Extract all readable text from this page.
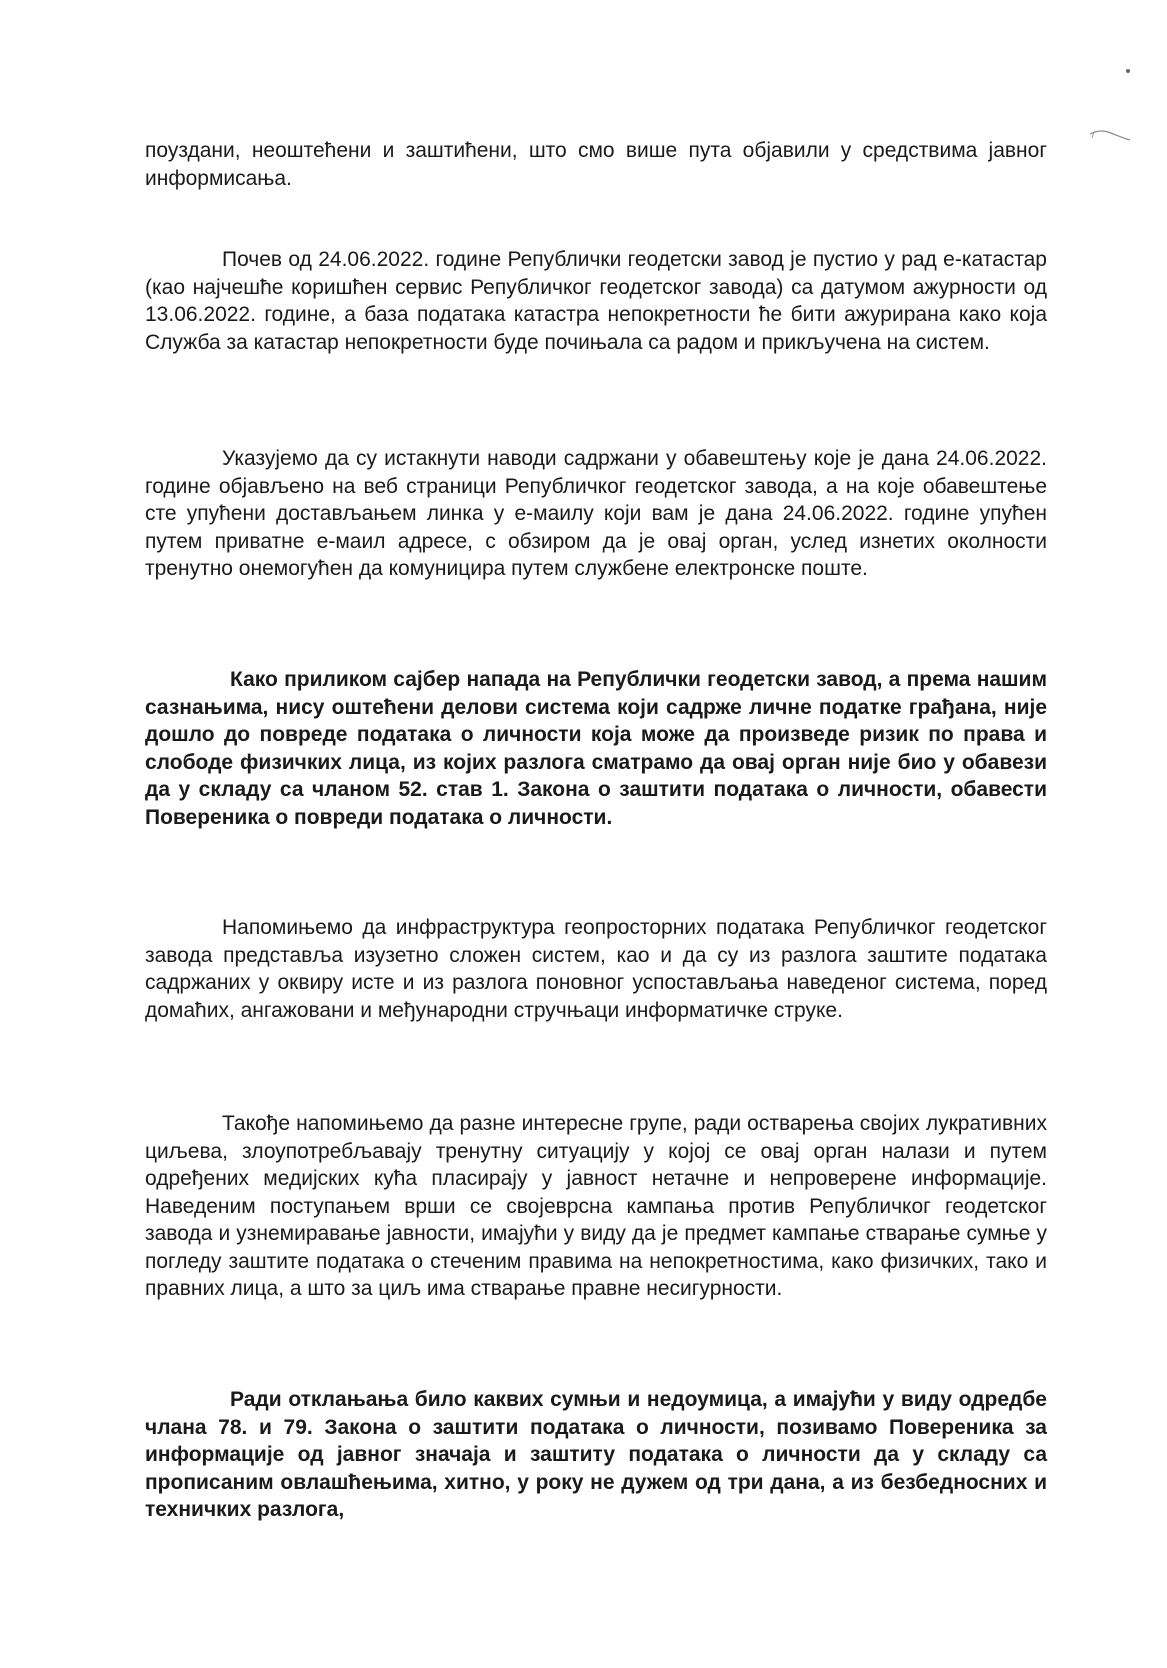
поуздани, неоштећени и заштићени, што смо више пута објавили у средствима јавног информисања.

Почев од 24.06.2022. године Републички геодетски завод је пустио у рад е-катастар (као најчешће коришћен сервис Републичког геодетског завода) са датумом ажурности од 13.06.2022. године, а база података катастра непокретности ће бити ажурирана како која Служба за катастар непокретности буде почињала са радом и прикључена на систем.

Указујемо да су истакнути наводи садржани у обавештењу које је дана 24.06.2022. године објављено на веб страници Републичког геодетског завода, а на које обавештење сте упућени достављањем линка у е-маилу који вам је дана 24.06.2022. године упућен путем приватне е-маил адресе, с обзиром да је овај орган, услед изнетих околности тренутно онемогућен да комуницира путем службене електронске поште.

Како приликом сајбер напада на Републички геодетски завод, а према нашим сазнањима, нису оштећени делови система који садрже личне податке грађана, није дошло до повреде података о личности која може да произведе ризик по права и слободе физичких лица, из којих разлога сматрамо да овај орган није био у обавези да у складу са чланом 52. став 1. Закона о заштити података о личности, обавести Повереника о повреди података о личности.

Напомињемо да инфраструктура геопросторних података Републичког геодетског завода представља изузетно сложен систем, као и да су из разлога заштите података садржаних у оквиру исте и из разлога поновног успостављања наведеног система, поред домаћих, ангажовани и међународни стручњаци информатичке струке.

Такође напомињемо да разне интересне групе, ради остварења својих лукративних циљева, злоупотребљавају тренутну ситуацију у којој се овај орган налази и путем одређених медијских кућа пласирају у јавност нетачне и непроверене информације. Наведеним поступањем врши се својеврсна кампања против Републичког геодетског завода и узнемиравање јавности, имајући у виду да је предмет кампање стварање сумње у погледу заштите података о стеченим правима на непокретностима, како физичких, тако и правних лица, а што за циљ има стварање правне несигурности.

Ради отклањања било каквих сумњи и недоумица, а имајући у виду одредбе члана 78. и 79. Закона о заштити података о личности, позивамо Повереника за информације од јавног значаја и заштиту података о личности да у складу са прописаним овлашћењима, хитно, у року не дужем од три дана, а из безбедносних и техничких разлога,
